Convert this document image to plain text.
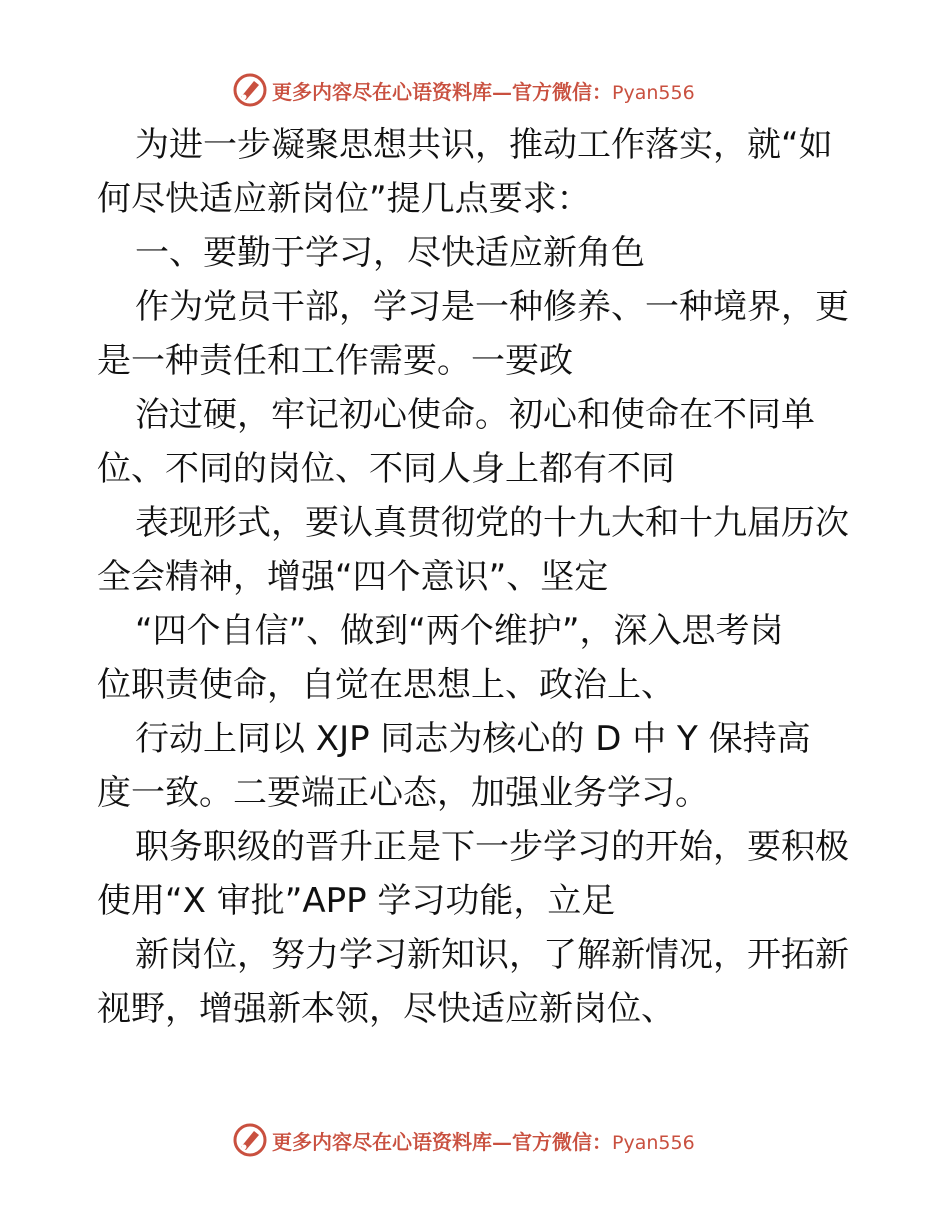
更多内容尽在心语资料库—官方微信：Pyan556
为进一步凝聚思想共识，推动工作落实，就“如
何尽快适应新岗位”提几点要求：
一、要勤于学习，尽快适应新角色
作为党员干部，学习是一种修养、一种境界，更
是一种责任和工作需要。一要政
治过硬，牢记初心使命。初心和使命在不同单
位、不同的岗位、不同人身上都有不同
表现形式，要认真贯彻党的十九大和十九届历次
全会精神，增强“四个意识”、坚定
“四个自信”、做到“两个维护”，深入思考岗
位职责使命，自觉在思想上、政治上、
行动上同以 XJP 同志为核心的 D 中 Y 保持高
度一致。二要端正心态，加强业务学习。
职务职级的晋升正是下一步学习的开始，要积极
使用“X 审批”APP 学习功能，立足
新岗位，努力学习新知识，了解新情况，开拓新
视野，增强新本领，尽快适应新岗位、
更多内容尽在心语资料库—官方微信：Pyan556
